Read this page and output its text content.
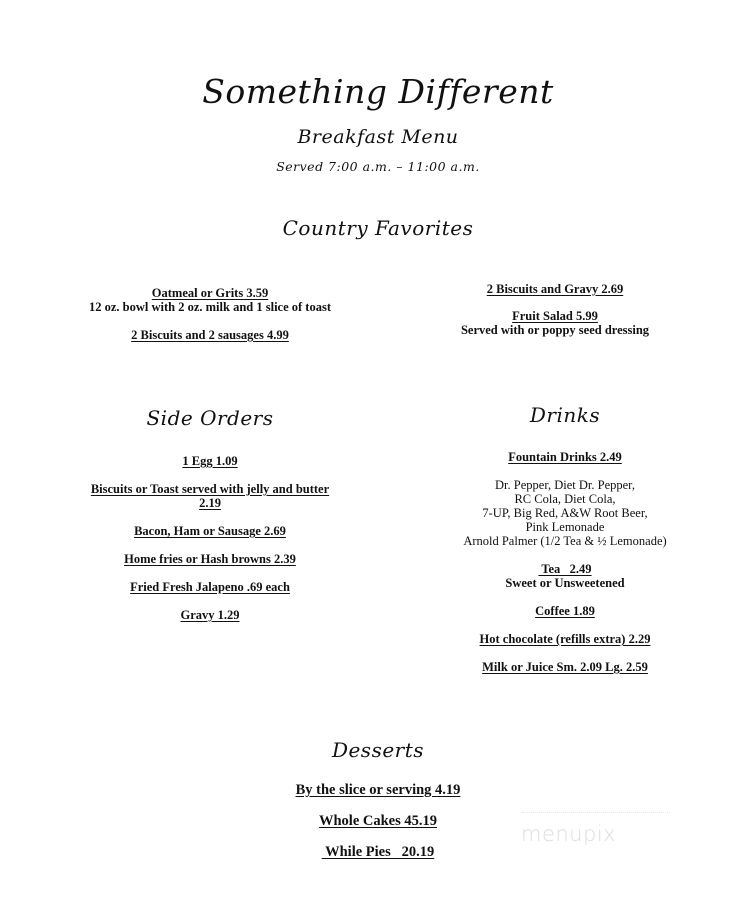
Something Different
Breakfast Menu
Served 7:00 a.m. – 11:00 a.m.
Country Favorites

Oatmeal or Grits 3.59

12 oz. bowl with 2 oz. milk and 1 slice of toast

2 Biscuits and 2 sausages 4.99

2 Biscuits and Gravy 2.69

Fruit Salad 5.99

Served with or poppy seed dressing

Side Orders

1 Egg 1.09

Biscuits or Toast served with jelly and butter

2.19

Bacon, Ham or Sausage 2.69

Home fries or Hash browns 2.39

Fried Fresh Jalapeno .69 each

Gravy 1.29

Drinks

Fountain Drinks 2.49

Dr. Pepper, Diet Dr. Pepper,

RC Cola, Diet Cola,

7-UP, Big Red, A&W Root Beer,

Pink Lemonade

Arnold Palmer (1/2 Tea & ½ Lemonade)

Tea   2.49

Sweet or Unsweetened

Coffee 1.89

Hot chocolate (refills extra) 2.29

Milk or Juice Sm. 2.09 Lg. 2.59

Desserts

By the slice or serving 4.19

Whole Cakes 45.19

While Pies   20.19

menupix
